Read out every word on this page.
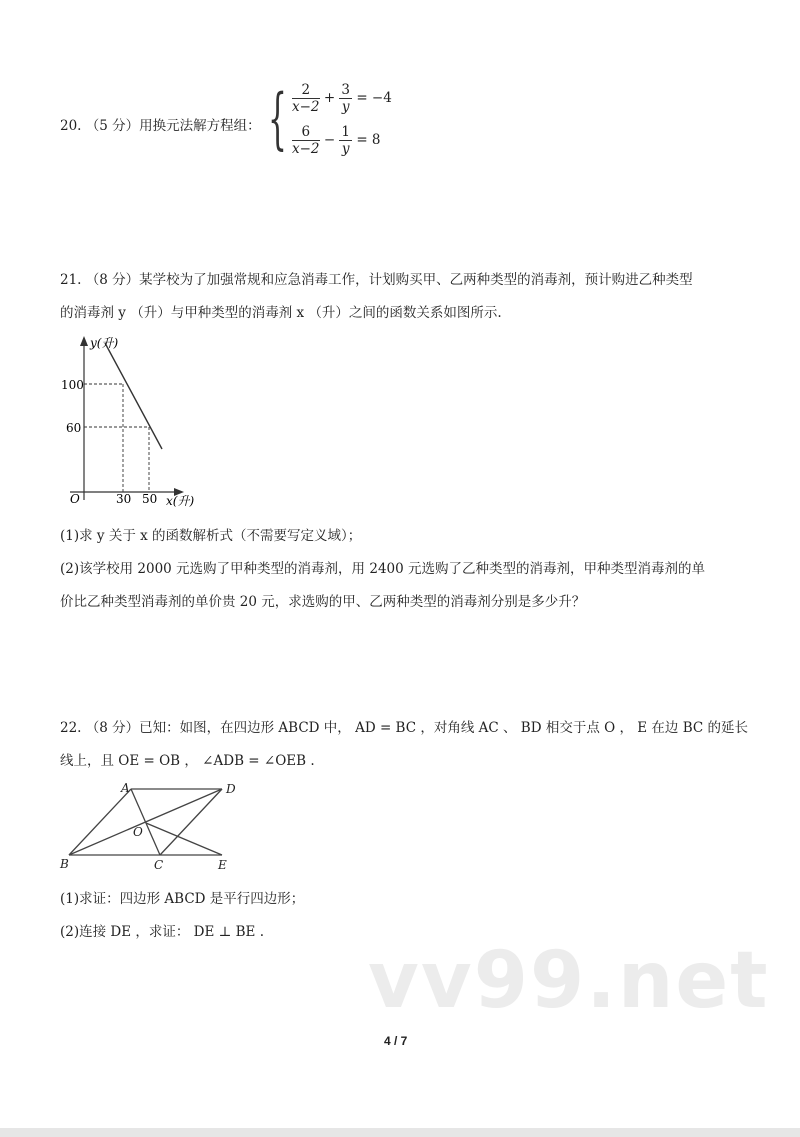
20. （5 分）用换元法解方程组： { $\frac{2}{x-2} + \frac{3}{y} = -4$
$\frac{6}{x-2} - \frac{1}{y} = 8$
21. （8 分）某学校为了加强常规和应急消毒工作，计划购买甲、乙两种类型的消毒剂，预计购进乙种类型
的消毒剂 y （升）与甲种类型的消毒剂 x （升）之间的函数关系如图所示.
y(升)
x(升)
O
100
60
30 50
A	D
B	C	E
O
(1)求 y 关于 x 的函数解析式（不需要写定义域）；
(2)该学校用 2000 元选购了甲种类型的消毒剂，用 2400 元选购了乙种类型的消毒剂，甲种类型消毒剂的单
价比乙种类型消毒剂的单价贵 20 元，求选购的甲、乙两种类型的消毒剂分别是多少升？
22. （8 分）已知：如图，在四边形 ABCD 中， AD = BC ，对角线 AC 、 BD 相交于点 O ， E 在边 BC 的延长
线上，且 OE = OB ， ∠ADB = ∠OEB .
(1)求证：四边形 ABCD 是平行四边形；
(2)连接 DE ，求证： DE ⊥ BE .
vv99.net
4 / 7
